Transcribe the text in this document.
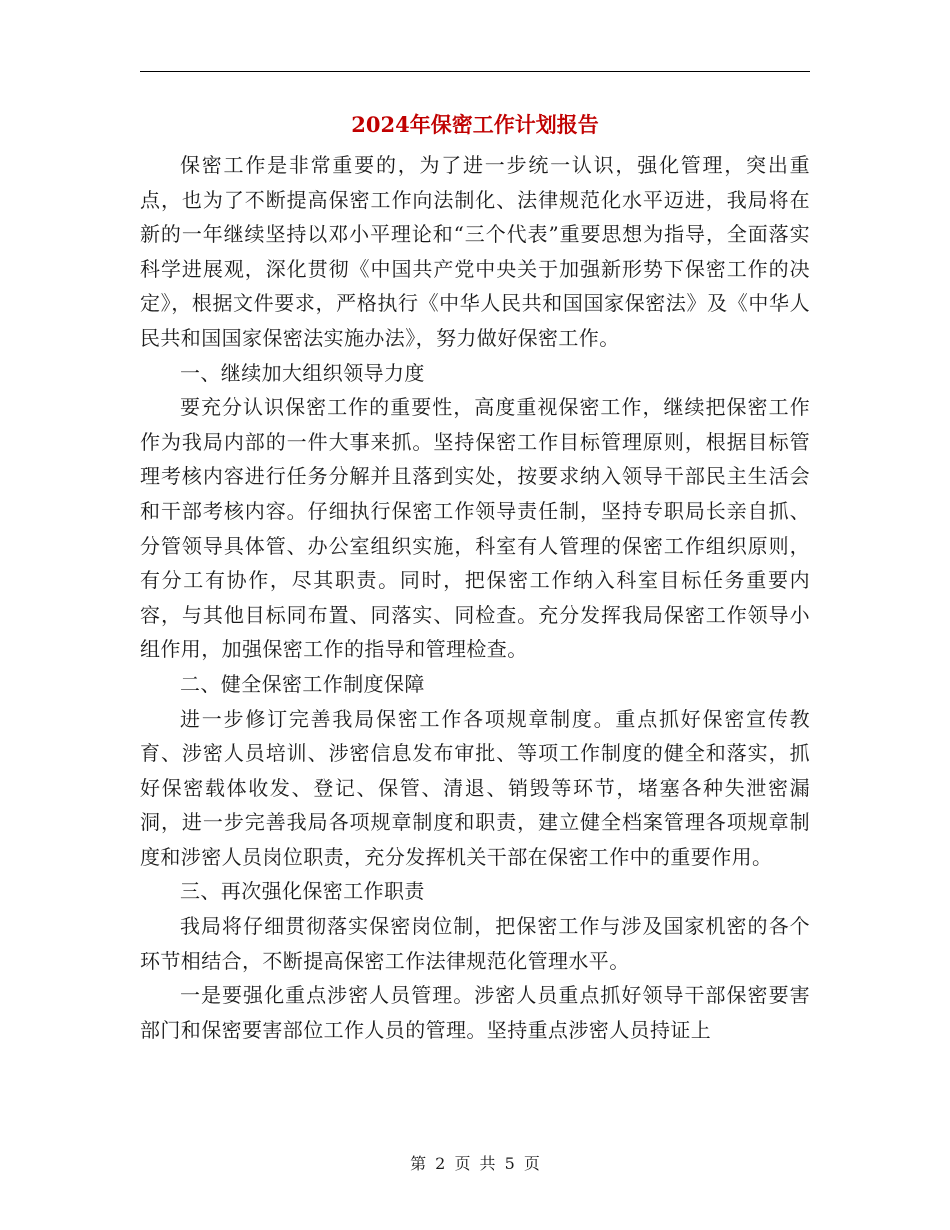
2024年保密工作计划报告

保密工作是非常重要的，为了进一步统一认识，强化管理，突出重点，也为了不断提高保密工作向法制化、法律规范化水平迈进，我局将在新的一年继续坚持以邓小平理论和“三个代表”重要思想为指导，全面落实科学进展观，深化贯彻《中国共产党中央关于加强新形势下保密工作的决定》，根据文件要求，严格执行《中华人民共和国国家保密法》及《中华人民共和国国家保密法实施办法》，努力做好保密工作。

一、继续加大组织领导力度

要充分认识保密工作的重要性，高度重视保密工作，继续把保密工作作为我局内部的一件大事来抓。坚持保密工作目标管理原则，根据目标管理考核内容进行任务分解并且落到实处，按要求纳入领导干部民主生活会和干部考核内容。仔细执行保密工作领导责任制，坚持专职局长亲自抓、分管领导具体管、办公室组织实施，科室有人管理的保密工作组织原则，有分工有协作，尽其职责。同时，把保密工作纳入科室目标任务重要内容，与其他目标同布置、同落实、同检查。充分发挥我局保密工作领导小组作用，加强保密工作的指导和管理检查。

二、健全保密工作制度保障

进一步修订完善我局保密工作各项规章制度。重点抓好保密宣传教育、涉密人员培训、涉密信息发布审批、等项工作制度的健全和落实，抓好保密载体收发、登记、保管、清退、销毁等环节，堵塞各种失泄密漏洞，进一步完善我局各项规章制度和职责，建立健全档案管理各项规章制度和涉密人员岗位职责，充分发挥机关干部在保密工作中的重要作用。

三、再次强化保密工作职责

我局将仔细贯彻落实保密岗位制，把保密工作与涉及国家机密的各个环节相结合，不断提高保密工作法律规范化管理水平。

一是要强化重点涉密人员管理。涉密人员重点抓好领导干部保密要害部门和保密要害部位工作人员的管理。坚持重点涉密人员持证上

第 2 页 共 5 页
